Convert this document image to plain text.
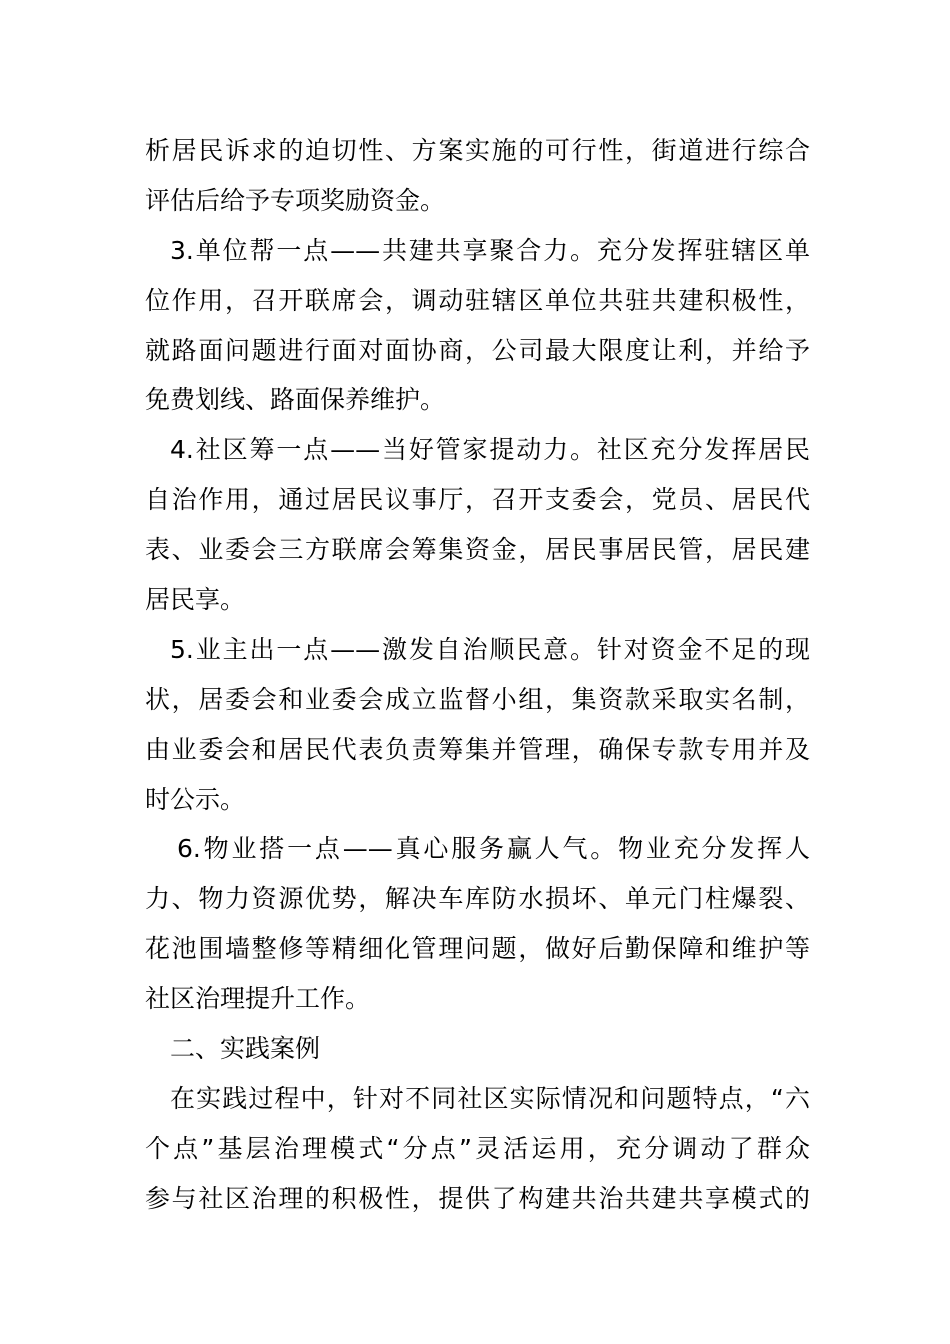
析居民诉求的迫切性、方案实施的可行性，街道进行综合
评估后给予专项奖励资金。
3.单位帮一点——共建共享聚合力。充分发挥驻辖区单
位作用，召开联席会，调动驻辖区单位共驻共建积极性，
就路面问题进行面对面协商，公司最大限度让利，并给予
免费划线、路面保养维护。
4.社区筹一点——当好管家提动力。社区充分发挥居民
自治作用，通过居民议事厅，召开支委会，党员、居民代
表、业委会三方联席会筹集资金，居民事居民管，居民建
居民享。
5.业主出一点——激发自治顺民意。针对资金不足的现
状，居委会和业委会成立监督小组，集资款采取实名制，
由业委会和居民代表负责筹集并管理，确保专款专用并及
时公示。
6.物业搭一点——真心服务赢人气。物业充分发挥人
力、物力资源优势，解决车库防水损坏、单元门柱爆裂、
花池围墙整修等精细化管理问题，做好后勤保障和维护等
社区治理提升工作。
二、实践案例
在实践过程中，针对不同社区实际情况和问题特点，“六
个点”基层治理模式“分点”灵活运用，充分调动了群众
参与社区治理的积极性，提供了构建共治共建共享模式的
